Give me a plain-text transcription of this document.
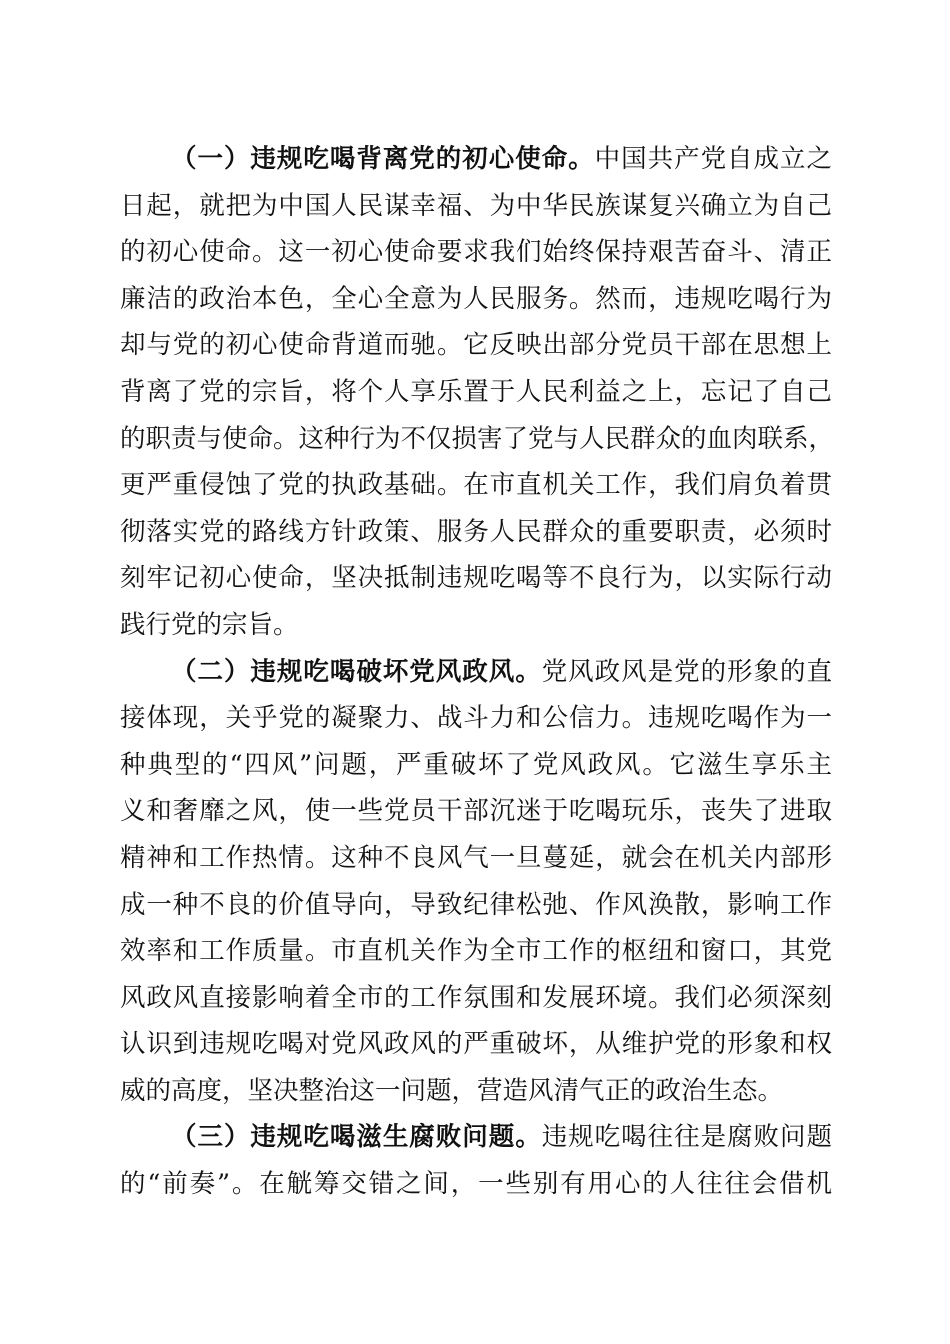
（一）违规吃喝背离党的初心使命。中国共产党自成立之
日起，就把为中国人民谋幸福、为中华民族谋复兴确立为自己
的初心使命。这一初心使命要求我们始终保持艰苦奋斗、清正
廉洁的政治本色，全心全意为人民服务。然而，违规吃喝行为
却与党的初心使命背道而驰。它反映出部分党员干部在思想上
背离了党的宗旨，将个人享乐置于人民利益之上，忘记了自己
的职责与使命。这种行为不仅损害了党与人民群众的血肉联系，
更严重侵蚀了党的执政基础。在市直机关工作，我们肩负着贯
彻落实党的路线方针政策、服务人民群众的重要职责，必须时
刻牢记初心使命，坚决抵制违规吃喝等不良行为，以实际行动
践行党的宗旨。
（二）违规吃喝破坏党风政风。党风政风是党的形象的直
接体现，关乎党的凝聚力、战斗力和公信力。违规吃喝作为一
种典型的“四风”问题，严重破坏了党风政风。它滋生享乐主
义和奢靡之风，使一些党员干部沉迷于吃喝玩乐，丧失了进取
精神和工作热情。这种不良风气一旦蔓延，就会在机关内部形
成一种不良的价值导向，导致纪律松弛、作风涣散，影响工作
效率和工作质量。市直机关作为全市工作的枢纽和窗口，其党
风政风直接影响着全市的工作氛围和发展环境。我们必须深刻
认识到违规吃喝对党风政风的严重破坏，从维护党的形象和权
威的高度，坚决整治这一问题，营造风清气正的政治生态。
（三）违规吃喝滋生腐败问题。违规吃喝往往是腐败问题
的“前奏”。在觥筹交错之间，一些别有用心的人往往会借机
